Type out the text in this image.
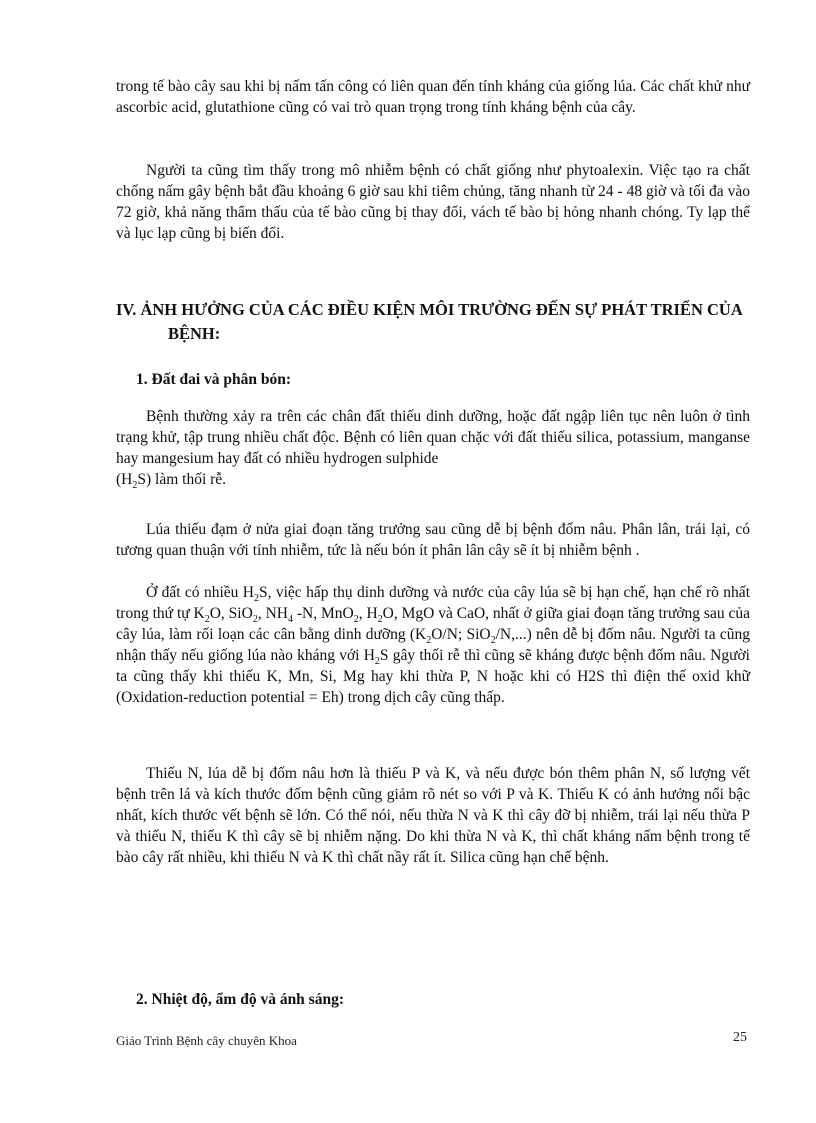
trong tế bào cây sau khi bị nấm tấn công có liên quan đến tính kháng của giống lúa. Các chất khử như ascorbic acid, glutathione cũng có vai trò quan trọng trong tính kháng bệnh của cây.

Người ta cũng tìm thấy trong mô nhiễm bệnh có chất giống như phytoalexin. Việc tạo ra chất chống nấm gây bệnh bắt đầu khoảng 6 giờ sau khi tiêm chủng, tăng nhanh từ 24 - 48 giờ và tối đa vào 72 giờ, khả năng thẩm thấu của tế bào cũng bị thay đổi, vách tế bào bị hỏng nhanh chóng. Ty lạp thể và lục lạp cũng bị biến đổi.

IV. ẢNH HƯỞNG CỦA CÁC ĐIỀU KIỆN MÔI TRƯỜNG ĐẾN SỰ PHÁT TRIỂN CỦA
BỆNH:

1. Đất đai và phân bón:

Bệnh thường xảy ra trên các chân đất thiếu dinh dưỡng, hoặc đất ngập liên tục nên luôn ở tình trạng khử, tập trung nhiều chất độc. Bệnh có liên quan chặc với đất thiếu silica, potassium, manganse hay mangesium hay đất có nhiều hydrogen sulphide

$(H_2S)$ làm thối rễ.

Lúa thiếu đạm ở nửa giai đoạn tăng trưởng sau cũng dễ bị bệnh đốm nâu. Phân lân, trái lại, có tương quan thuận với tính nhiễm, tức là nếu bón ít phân lân cây sẽ ít bị nhiễm bệnh .

Ở đất có nhiều $H_2S$, việc hấp thụ dinh dưỡng và nước của cây lúa sẽ bị hạn chế, hạn chế rõ nhất trong thứ tự $K_2O$, SiO$_2$, $NH_4$ -N, MnO$_2$, $H_2O$, MgO và CaO, nhất ở giữa giai đoạn tăng trưởng sau của cây lúa, làm rối loạn các cân bằng dinh dưỡng ($K_2O/N$; SiO$_2$/N,...) nên dễ bị đốm nâu. Người ta cũng nhận thấy nếu giống lúa nào kháng với $H_2S$ gây thối rễ thì cũng sẽ kháng được bệnh đốm nâu. Người ta cũng thấy khi thiếu K, Mn, Si, Mg hay khi thừa P, N hoặc khi có H2S thì điện thế oxid khữ (Oxidation-reduction potential = Eh) trong dịch cây cũng thấp.

Thiếu N, lúa dễ bị đốm nâu hơn là thiếu P và K, và nếu được bón thêm phân N, số lượng vết bệnh trên lá và kích thước đốm bệnh cũng giảm rõ nét so với P và K. Thiếu K có ảnh hưởng nổi bậc nhất, kích thước vết bệnh sẽ lớn. Có thể nói, nếu thừa N và K thì cây đỡ bị nhiễm, trái lại nếu thừa P và thiếu N, thiếu K thì cây sẽ bị nhiễm nặng. Do khi thừa N và K, thì chất kháng nấm bệnh trong tế bào cây rất nhiều, khi thiếu N và K thì chất nầy rất ít. Silica cũng hạn chế bệnh.

2. Nhiệt độ, ẩm độ và ánh sáng:

Giáo Trình Bệnh cây chuyên Khoa	25
